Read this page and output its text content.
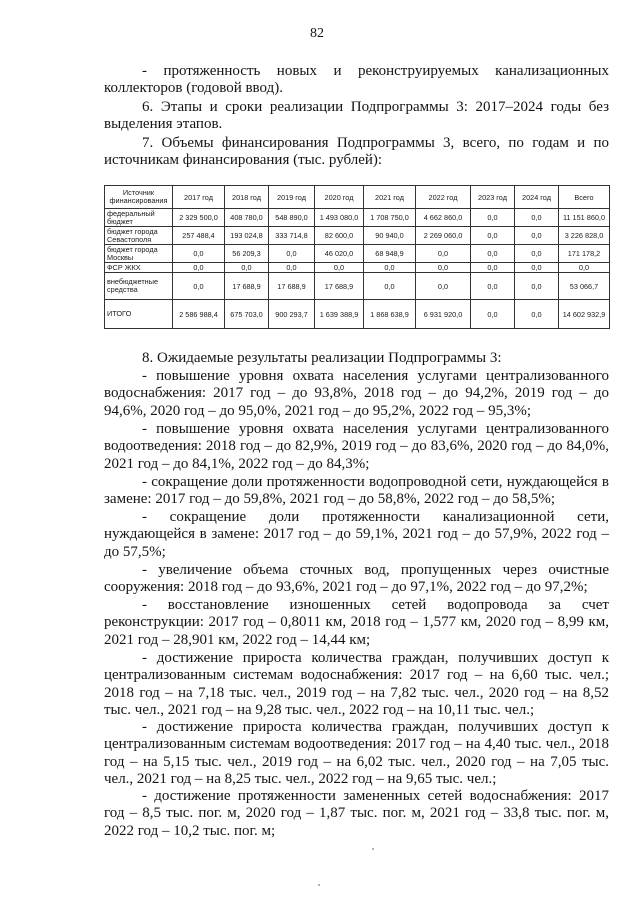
82
- протяженность новых и реконструируемых канализационных коллекторов (годовой ввод).
6. Этапы и сроки реализации Подпрограммы 3: 2017–2024 годы без выделения этапов.
7. Объемы финансирования Подпрограммы 3, всего, по годам и по источникам финансирования (тыс. рублей):
Источник финансирования	2017 год	2018 год	2019 год	2020 год	2021 год	2022 год	2023 год	2024 год	Всего
федеральный бюджет	2 329 500,0	408 780,0	548 890,0	1 493 080,0	1 708 750,0	4 662 860,0	0,0	0,0	11 151 860,0
бюджет города Севастополя	257 488,4	193 024,8	333 714,8	82 600,0	90 940,0	2 269 060,0	0,0	0,0	3 226 828,0
бюджет города Москвы	0,0	56 209,3	0,0	46 020,0	68 948,9	0,0	0,0	0,0	171 178,2
ФСР ЖКХ	0,0	0,0	0,0	0,0	0,0	0,0	0,0	0,0	0,0
внебюджетные средства	0,0	17 688,9	17 688,9	17 688,9	0,0	0,0	0,0	0,0	53 066,7
ИТОГО	2 586 988,4	675 703,0	900 293,7	1 639 388,9	1 868 638,9	6 931 920,0	0,0	0,0	14 602 932,9
8. Ожидаемые результаты реализации Подпрограммы 3:
- повышение уровня охвата населения услугами централизованного водоснабжения: 2017 год – до 93,8%, 2018 год – до 94,2%, 2019 год – до 94,6%, 2020 год – до 95,0%, 2021 год – до 95,2%, 2022 год – 95,3%;
- повышение уровня охвата населения услугами централизованного водоотведения: 2018 год – до 82,9%, 2019 год – до 83,6%, 2020 год – до 84,0%, 2021 год – до 84,1%, 2022 год – до 84,3%;
- сокращение доли протяженности водопроводной сети, нуждающейся в замене: 2017 год – до 59,8%, 2021 год – до 58,8%, 2022 год – до 58,5%;
- сокращение доли протяженности канализационной сети, нуждающейся в замене: 2017 год – до 59,1%, 2021 год – до 57,9%, 2022 год – до 57,5%;
- увеличение объема сточных вод, пропущенных через очистные сооружения: 2018 год – до 93,6%, 2021 год – до 97,1%, 2022 год – до 97,2%;
- восстановление изношенных сетей водопровода за счет реконструкции: 2017 год – 0,8011 км, 2018 год – 1,577 км, 2020 год – 8,99 км, 2021 год – 28,901 км, 2022 год – 14,44 км;
- достижение прироста количества граждан, получивших доступ к централизованным системам водоснабжения: 2017 год – на 6,60 тыс. чел.; 2018 год – на 7,18 тыс. чел., 2019 год – на 7,82 тыс. чел., 2020 год – на 8,52 тыс. чел., 2021 год – на 9,28 тыс. чел., 2022 год – на 10,11 тыс. чел.;
- достижение прироста количества граждан, получивших доступ к централизованным системам водоотведения: 2017 год – на 4,40 тыс. чел., 2018 год – на 5,15 тыс. чел., 2019 год – на 6,02 тыс. чел., 2020 год – на 7,05 тыс. чел., 2021 год – на 8,25 тыс. чел., 2022 год – на 9,65 тыс. чел.;
- достижение протяженности замененных сетей водоснабжения: 2017 год – 8,5 тыс. пог. м, 2020 год – 1,87 тыс. пог. м, 2021 год – 33,8 тыс. пог. м, 2022 год – 10,2 тыс. пог. м;
